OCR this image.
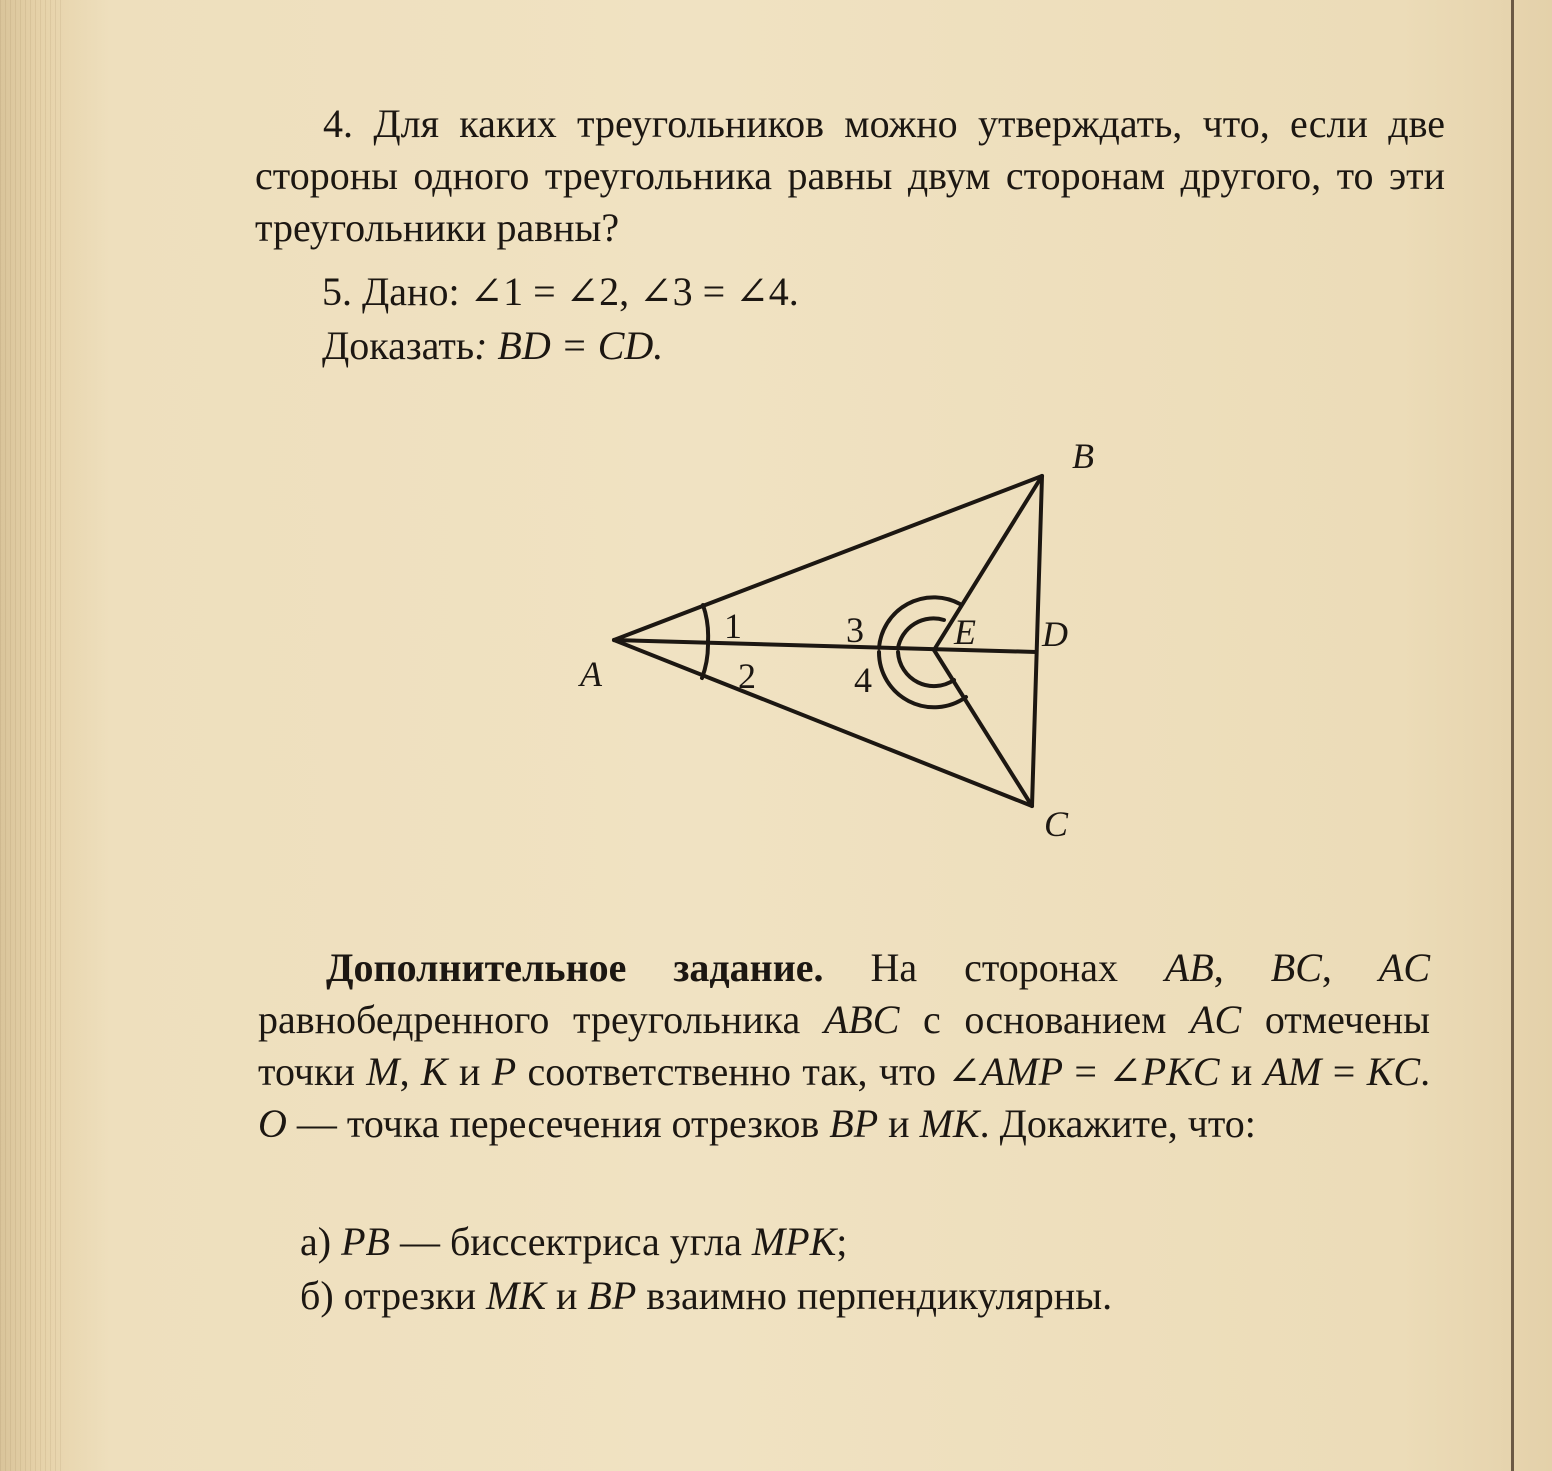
4. Для каких треугольников можно утверждать, что, если две стороны одного треугольника равны двум сторонам другого, то эти треугольники равны?

5. Дано: ∠1 = ∠2, ∠3 = ∠4.
Доказать: BD = CD.
B
A
C
D
E
1
2
3
4

Дополнительное задание. На сторонах AB, BC, AC равнобедренного треугольника ABC с основанием AC отмечены точки M, K и P соответственно так, что ∠AMP = ∠PKC и AM = KC. O — точка пересечения отрезков BP и MK. Докажите, что:

а) PB — биссектриса угла MPK;
б) отрезки MK и BP взаимно перпендикулярны.
